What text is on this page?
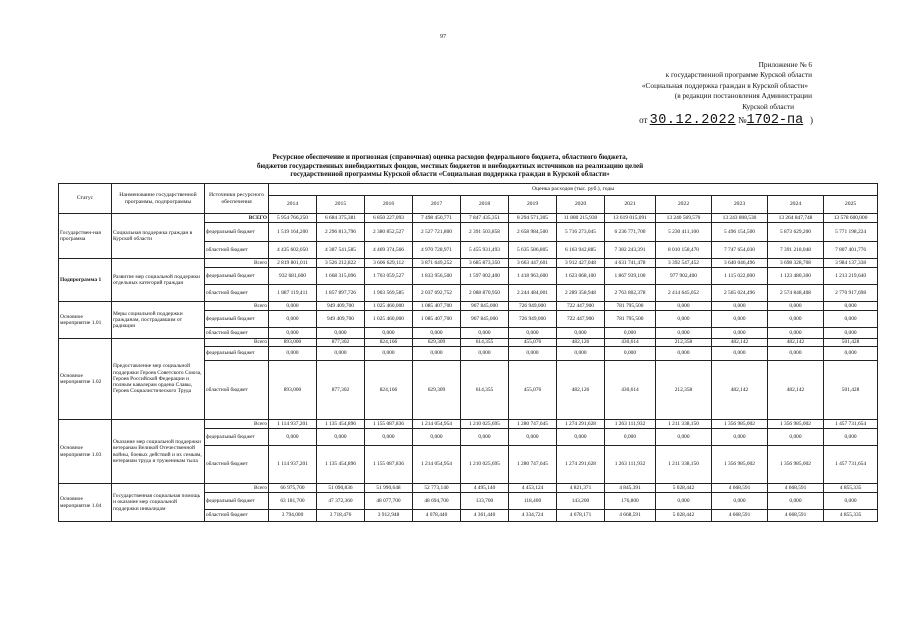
97
Приложение № 6
к государственной программе Курской области
«Социальная поддержка граждан в Курской области»
(в редакции постановления Администрации
Курской области
от 30.12.2022 №1702-па )
Ресурсное обеспечение и прогнозная (справочная) оценка расходов федерального бюджета, областного бюджета,
бюджетов государственных внебюджетных фондов, местных бюджетов и внебюджетных источников на реализацию целей
государственной программы Курской области «Социальная поддержка граждан в Курской области»
Статус	Наименование государственной программы, подпрограммы	Источники ресурсного обеспечения	Оценка расходов (тыс. руб.), годы											
			2014	2015	2016	2017	2018	2019	2020	2021	2022	2023	2024	2025
Государствен-ная программа	Социальная поддержка граждан в Курской области	ВСЕГО	5 954 766,250	6 684 375,381	6 850 227,093	7 498 450,771	7 847 435,351	8 294 571,305	11 880 215,930	13 619 015,091	13 240 569,570	13 243 808,530	13 264 847,748	13 578 600,000
		федеральный бюджет	1 519 164,200	2 296 813,796	2 380 852,527	2 527 721,800	2 391 503,858	2 658 984,500	5 716 273,045	6 236 771,700	5 230 411,100	5 496 154,500	5 873 629,200	5 771 198,224
		областной бюджет	4 435 602,050	4 387 541,585	4 469 374,566	4 970 728,971	5 455 931,493	5 635 586,805	6 163 942,885	7 382 243,391	8 010 158,470	7 747 654,030	7 391 218,048	7 807 401,776
Подпрограмма 1	Развитие мер социальной поддержки отдельных категорий граждан	Всего	2 819 801,011	3 526 212,822	3 606 629,112	3 871 649,252	3 685 873,350	3 663 447,601	3 912 427,048	4 631 741,478	3 392 547,452	3 640 046,496	3 698 328,708	3 984 137,338
		федеральный бюджет	932 681,600	1 668 315,096	1 703 059,527	1 833 956,500	1 597 002,400	1 418 963,600	1 623 068,100	1 867 939,100	977 902,400	1 115 022,000	1 123 480,300	1 213 219,640
		областной бюджет	1 887 119,411	1 857 897,726	1 903 569,585	2 037 692,752	2 088 870,950	2 244 484,001	2 289 358,948	2 763 802,378	2 414 645,052	2 565 024,496	2 574 848,408	2 770 917,698
Основное мероприятие 1.01	Меры социальной поддержки гражданам, пострадавшим от радиации	Всего	0,000	949 409,700	1 025 460,000	1 085 407,700	967 845,000	726 949,000	722 447,900	781 795,500	0,000	0,000	0,000	0,000
		федеральный бюджет	0,000	949 409,700	1 025 460,000	1 085 407,700	967 845,000	726 949,000	722 447,900	781 795,500	0,000	0,000	0,000	0,000
		областной бюджет	0,000	0,000	0,000	0,000	0,000	0,000	0,000	0,000	0,000	0,000	0,000	0,000
Основное мероприятие 1.02	Предоставление мер социальной поддержки Героев Советского Союза, Героев Российской Федерации и полным кавалерам ордена Славы, Героев Социалистического Труда	Всего	893,000	877,302	824,166	629,309	614,355	455,076	482,126	430,614	212,358	482,142	482,142	501,428
		федеральный бюджет	0,000	0,000	0,000	0,000	0,000	0,000	0,000	0,000	0,000	0,000	0,000	0,000
		областной бюджет	893,000	877,302	824,166	629,309	614,355	455,076	482,126	430,614	212,358	482,142	482,142	501,428
Основное мероприятие 1.03	Оказание мер социальной поддержки ветеранам Великой Отечественной войны, боевых действий и их семьям, ветеранам труда и труженикам тыла	Всего	1 114 937,201	1 135 454,896	1 155 087,836	1 214 054,954	1 210 025,695	1 280 747,645	1 274 291,628	1 263 111,932	1 211 338,150	1 356 985,002	1 356 985,002	1 457 731,654
		федеральный бюджет	0,000	0,000	0,000	0,000	0,000	0,000	0,000	0,000	0,000	0,000	0,000	0,000
		областной бюджет	1 114 937,201	1 135 454,896	1 155 087,836	1 214 054,954	1 210 025,695	1 280 747,645	1 274 291,628	1 263 111,932	1 211 338,150	1 356 985,002	1 356 985,002	1 457 731,654
Основное мероприятие 1.04	Государственная социальная помощь и оказание мер социальной поддержки инвалидам	Всего	66 975,700	51 090,836	51 990,648	52 773,140	4 495,140	4 453,124	4 821,371	4 845,391	5 028,442	4 668,591	4 668,591	4 855,335
		федеральный бюджет	63 181,700	47 372,360	48 077,700	48 694,700	133,700	118,400	143,200	176,800	0,000	0,000	0,000	0,000
		областной бюджет	3 794,000	3 718,476	3 912,948	4 078,440	4 361,440	4 334,724	4 678,171	4 668,591	5 028,442	4 668,591	4 668,591	4 855,335
